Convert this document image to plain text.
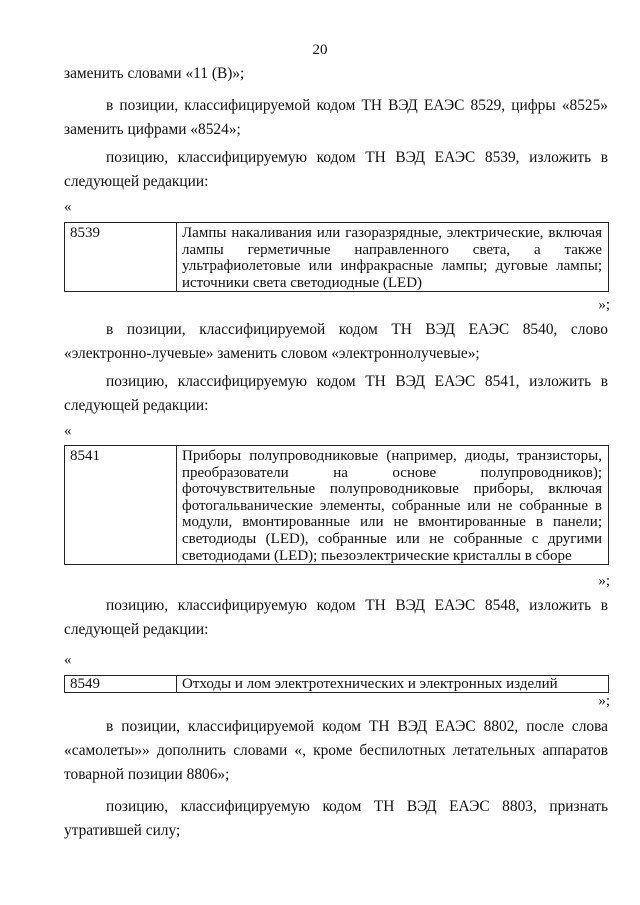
20
заменить словами «11 (В)»;
в позиции, классифицируемой кодом ТН ВЭД ЕАЭС 8529, цифры «8525» заменить цифрами «8524»;
позицию, классифицируемую кодом ТН ВЭД ЕАЭС 8539, изложить в следующей редакции:
«
8539	Лампы накаливания или газоразрядные, электрические, включая лампы герметичные направленного света, а также ультрафиолетовые или инфракрасные лампы; дуговые лампы; источники света светодиодные (LED)
»;
в позиции, классифицируемой кодом ТН ВЭД ЕАЭС 8540, слово «электронно-лучевые» заменить словом «электроннолучевые»;
позицию, классифицируемую кодом ТН ВЭД ЕАЭС 8541, изложить в следующей редакции:
«
8541	Приборы полупроводниковые (например, диоды, транзисторы, преобразователи на основе полупроводников); фоточувствительные полупроводниковые приборы, включая фотогальванические элементы, собранные или не собранные в модули, вмонтированные или не вмонтированные в панели; светодиоды (LED), собранные или не собранные с другими светодиодами (LED); пьезоэлектрические кристаллы в сборе
»;
позицию, классифицируемую кодом ТН ВЭД ЕАЭС 8548, изложить в следующей редакции:
«
8549	Отходы и лом электротехнических и электронных изделий
»;
в позиции, классифицируемой кодом ТН ВЭД ЕАЭС 8802, после слова «самолеты»» дополнить словами «, кроме беспилотных летательных аппаратов товарной позиции 8806»;
позицию, классифицируемую кодом ТН ВЭД ЕАЭС 8803, признать утратившей силу;
